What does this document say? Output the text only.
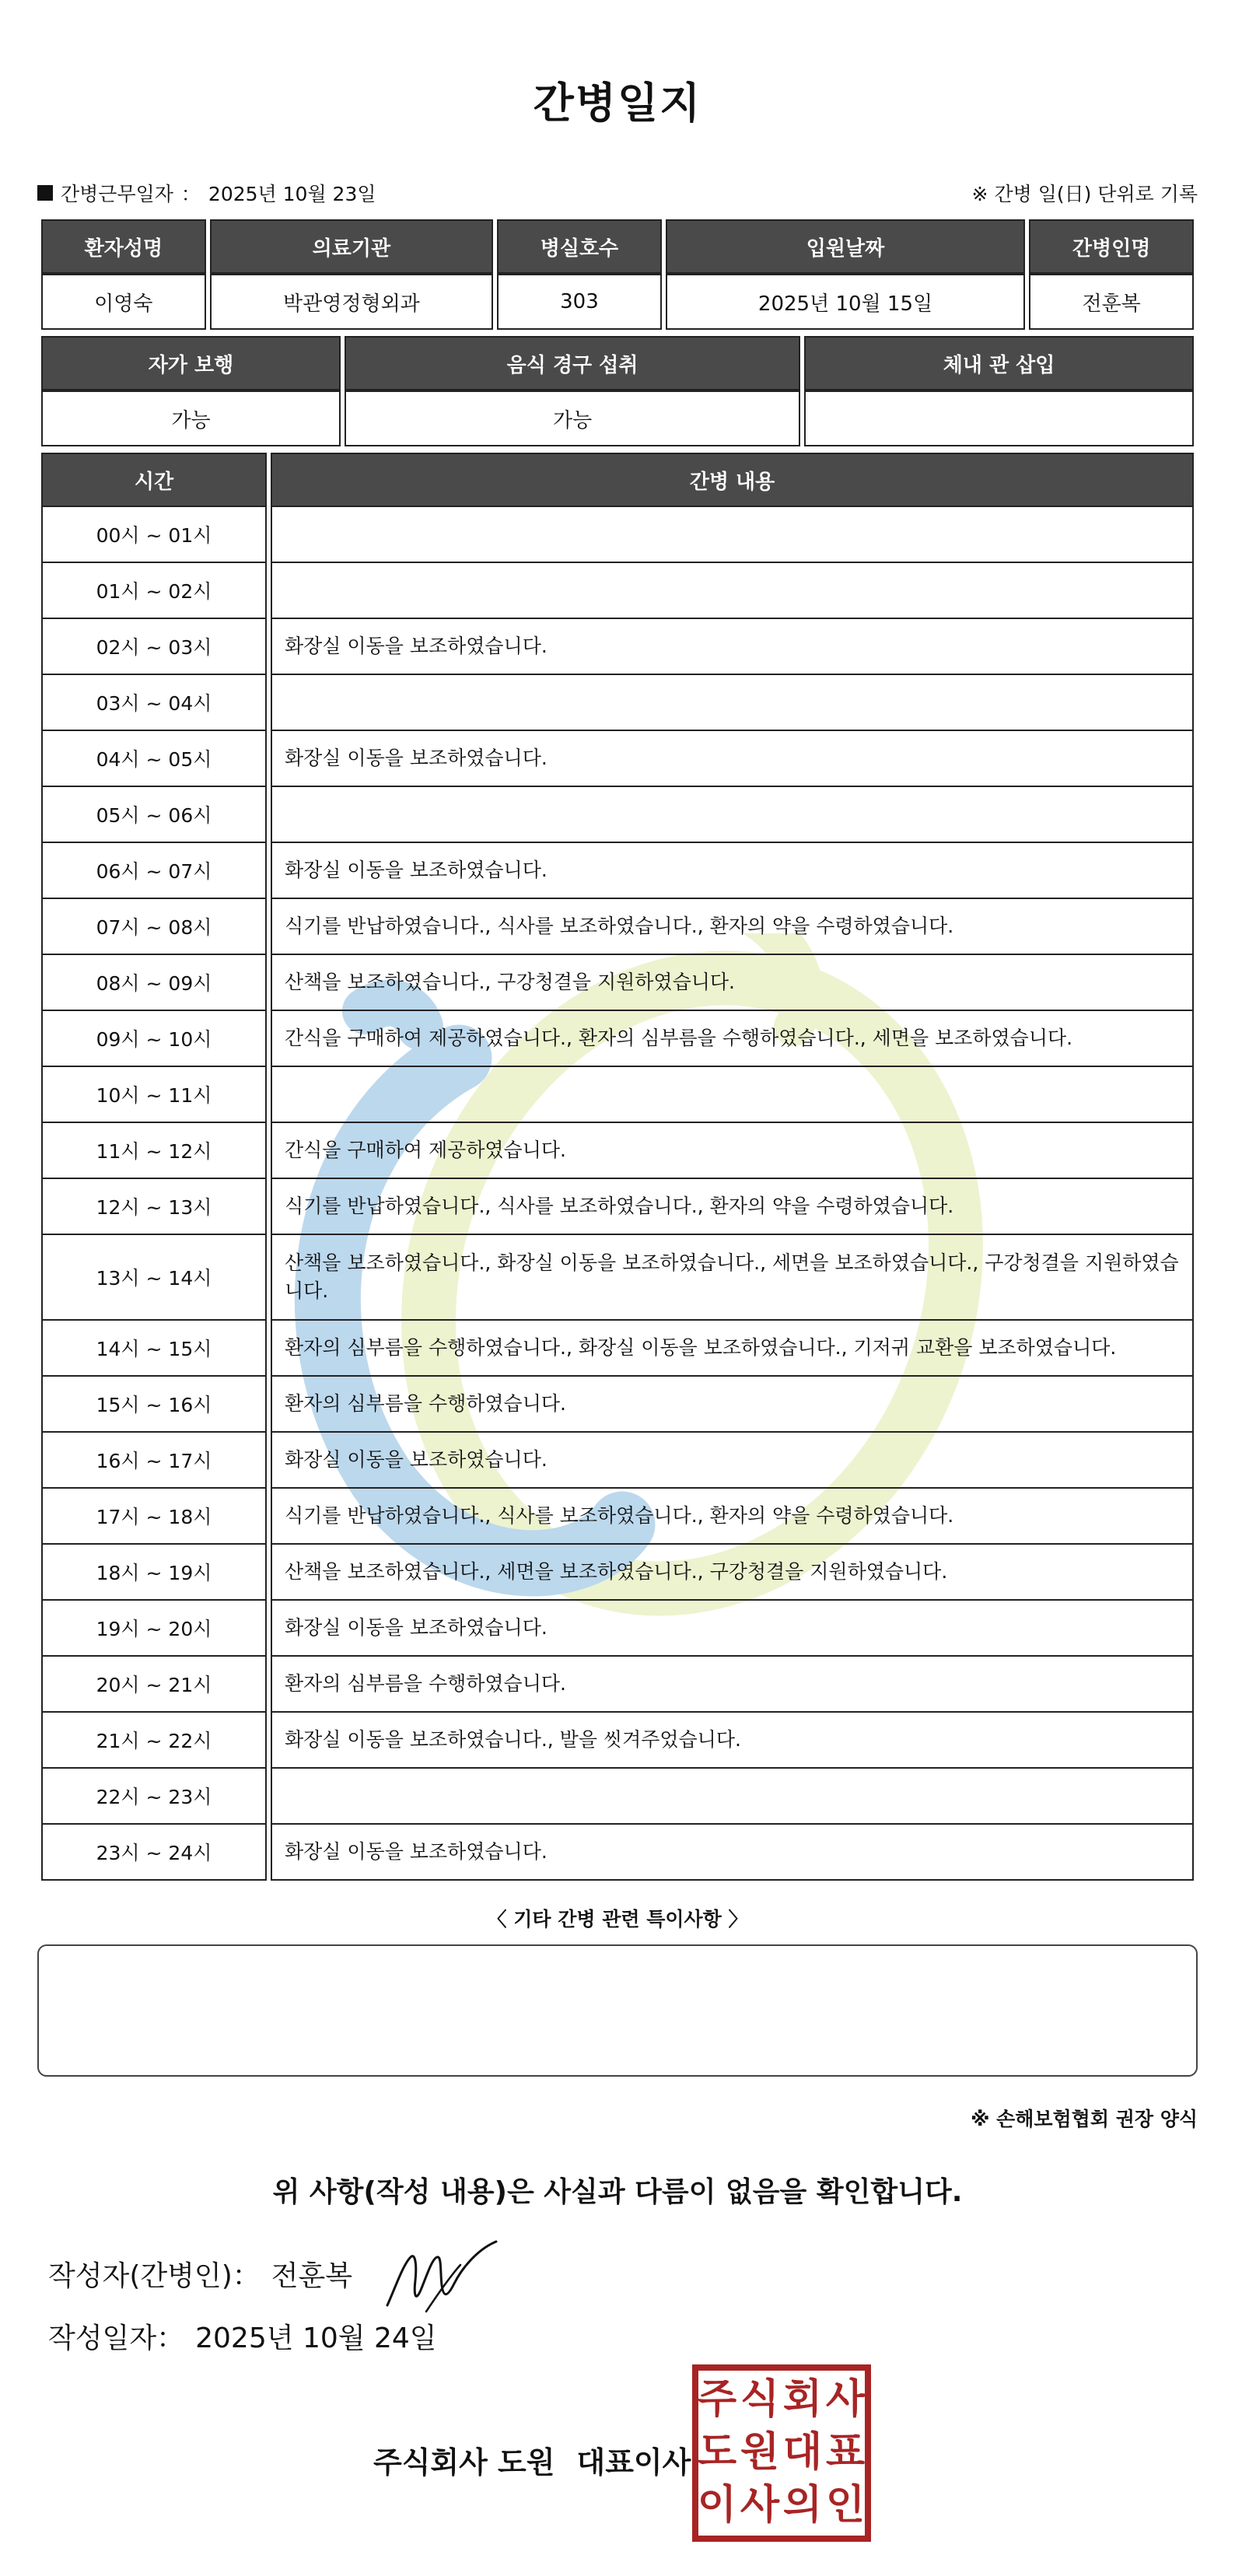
간병일지
간병근무일자 ： 2025년 10월 23일	※ 간병 일(日) 단위로 기록
환자성명	의료기관	병실호수	입원날짜	간병인명
이영숙	박관영정형외과	303	2025년 10월 15일	전훈복
자가 보행	음식 경구 섭취	체내 관 삽입
가능	가능	
시간	간병 내용
00시 ~ 01시	
01시 ~ 02시	
02시 ~ 03시	화장실 이동을 보조하였습니다.
03시 ~ 04시	
04시 ~ 05시	화장실 이동을 보조하였습니다.
05시 ~ 06시	
06시 ~ 07시	화장실 이동을 보조하였습니다.
07시 ~ 08시	식기를 반납하였습니다., 식사를 보조하였습니다., 환자의 약을 수령하였습니다.
08시 ~ 09시	산책을 보조하였습니다., 구강청결을 지원하였습니다.
09시 ~ 10시	간식을 구매하여 제공하였습니다., 환자의 심부름을 수행하였습니다., 세면을 보조하였습니다.
10시 ~ 11시	
11시 ~ 12시	간식을 구매하여 제공하였습니다.
12시 ~ 13시	식기를 반납하였습니다., 식사를 보조하였습니다., 환자의 약을 수령하였습니다.
13시 ~ 14시	산책을 보조하였습니다., 화장실 이동을 보조하였습니다., 세면을 보조하였습니다., 구강청결을 지원하였습니다.
14시 ~ 15시	환자의 심부름을 수행하였습니다., 화장실 이동을 보조하였습니다., 기저귀 교환을 보조하였습니다.
15시 ~ 16시	환자의 심부름을 수행하였습니다.
16시 ~ 17시	화장실 이동을 보조하였습니다.
17시 ~ 18시	식기를 반납하였습니다., 식사를 보조하였습니다., 환자의 약을 수령하였습니다.
18시 ~ 19시	산책을 보조하였습니다., 세면을 보조하였습니다., 구강청결을 지원하였습니다.
19시 ~ 20시	화장실 이동을 보조하였습니다.
20시 ~ 21시	환자의 심부름을 수행하였습니다.
21시 ~ 22시	화장실 이동을 보조하였습니다., 발을 씻겨주었습니다.
22시 ~ 23시	
23시 ~ 24시	화장실 이동을 보조하였습니다.
〈 기타 간병 관련 특이사항 〉
※ 손해보험협회 권장 양식
위 사항(작성 내용)은 사실과 다름이 없음을 확인합니다.
작성자(간병인)： 전훈복
작성일자： 2025년 10월 24일
주식회사 도원 대표이사
주 식 회 사
도 원 대 표
이 사 의 인
